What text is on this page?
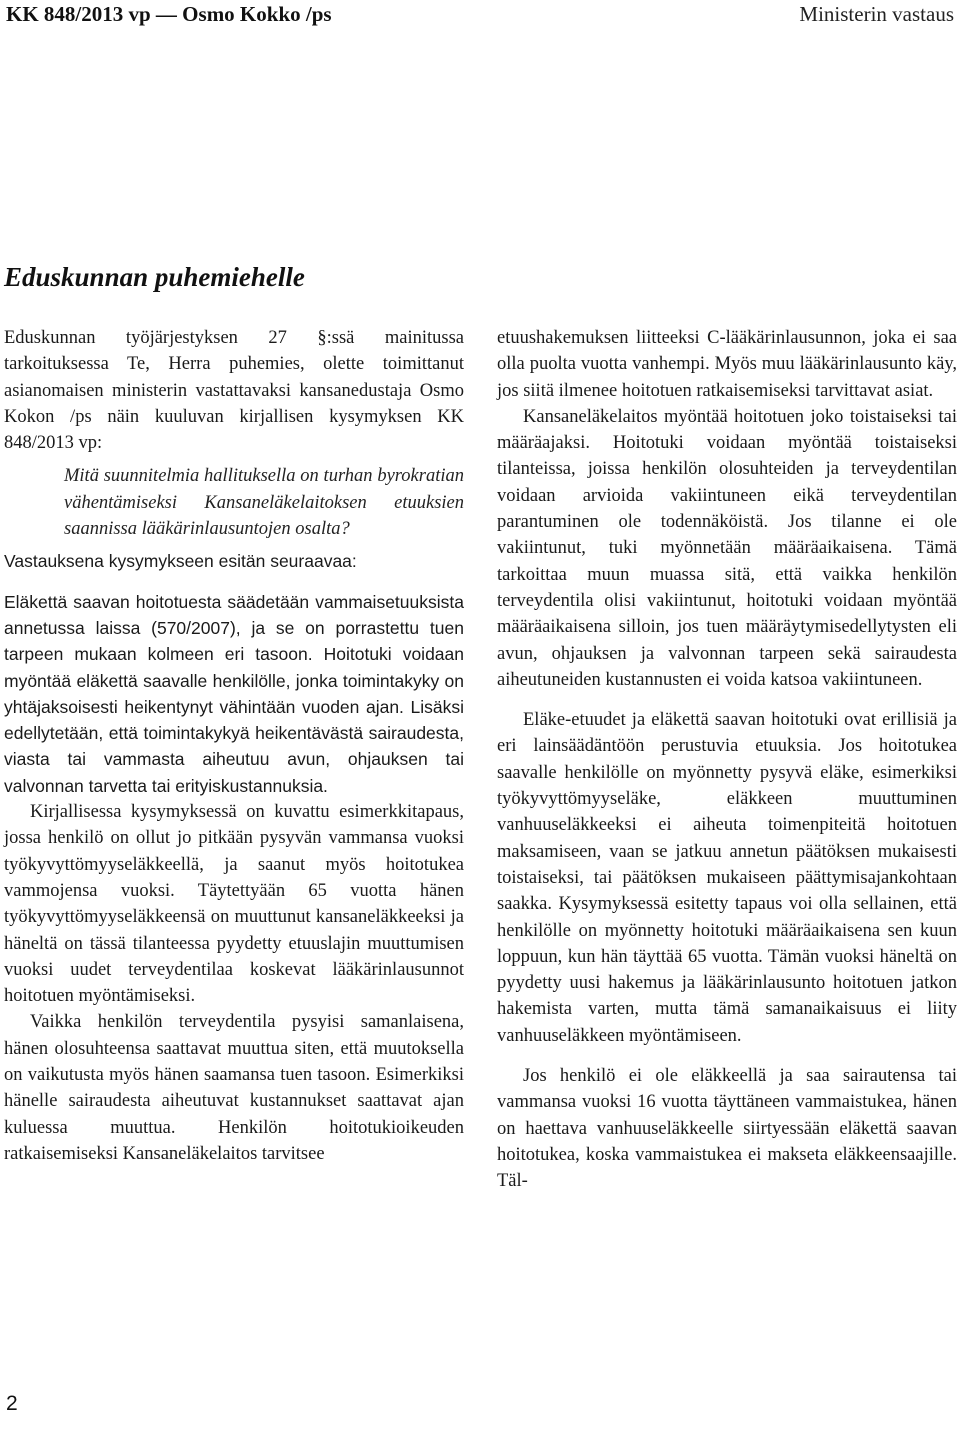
KK 848/2013 vp — Osmo Kokko /ps	Ministerin vastaus
Eduskunnan puhemiehelle

Eduskunnan työjärjestyksen 27 §:ssä mainitussa tarkoituksessa Te, Herra puhemies, olette toimittanut asianomaisen ministerin vastattavaksi kansanedustaja Osmo Kokon /ps näin kuuluvan kirjallisen kysymyksen KK 848/2013 vp:

Mitä suunnitelmia hallituksella on turhan byrokratian vähentämiseksi Kansaneläkelaitoksen etuuksien saannissa lääkärinlausuntojen osalta?

Vastauksena kysymykseen esitän seuraavaa:

Eläkettä saavan hoitotuesta säädetään vammaisetuuksista annetussa laissa (570/2007), ja se on porrastettu tuen tarpeen mukaan kolmeen eri tasoon. Hoitotuki voidaan myöntää eläkettä saavalle henkilölle, jonka toimintakyky on yhtäjaksoisesti heikentynyt vähintään vuoden ajan. Lisäksi edellytetään, että toimintakykyä heikentävästä sairaudesta, viasta tai vammasta aiheutuu avun, ohjauksen tai valvonnan tarvetta tai erityiskustannuksia.

Kirjallisessa kysymyksessä on kuvattu esimerkkitapaus, jossa henkilö on ollut jo pitkään pysyvän vammansa vuoksi työkyvyttömyyseläkkeellä, ja saanut myös hoitotukea vammojensa vuoksi. Täytettyään 65 vuotta hänen työkyvyttömyyseläkkeensä on muuttunut kansaneläkkeeksi ja häneltä on tässä tilanteessa pyydetty etuuslajin muuttumisen vuoksi uudet terveydentilaa koskevat lääkärinlausunnot hoitotuen myöntämiseksi.

Vaikka henkilön terveydentila pysyisi samanlaisena, hänen olosuhteensa saattavat muuttua siten, että muutoksella on vaikutusta myös hänen saamansa tuen tasoon. Esimerkiksi hänelle sairaudesta aiheutuvat kustannukset saattavat ajan kuluessa muuttua. Henkilön hoitotukioikeuden ratkaisemiseksi Kansaneläkelaitos tarvitsee

etuushakemuksen liitteeksi C-lääkärinlausunnon, joka ei saa olla puolta vuotta vanhempi. Myös muu lääkärinlausunto käy, jos siitä ilmenee hoitotuen ratkaisemiseksi tarvittavat asiat.

Kansaneläkelaitos myöntää hoitotuen joko toistaiseksi tai määräajaksi. Hoitotuki voidaan myöntää toistaiseksi tilanteissa, joissa henkilön olosuhteiden ja terveydentilan voidaan arvioida vakiintuneen eikä terveydentilan parantuminen ole todennäköistä. Jos tilanne ei ole vakiintunut, tuki myönnetään määräaikaisena. Tämä tarkoittaa muun muassa sitä, että vaikka henkilön terveydentila olisi vakiintunut, hoitotuki voidaan myöntää määräaikaisena silloin, jos tuen määräytymisedellytysten eli avun, ohjauksen ja valvonnan tarpeen sekä sairaudesta aiheutuneiden kustannusten ei voida katsoa vakiintuneen.

Eläke-etuudet ja eläkettä saavan hoitotuki ovat erillisiä ja eri lainsäädäntöön perustuvia etuuksia. Jos hoitotukea saavalle henkilölle on myönnetty pysyvä eläke, esimerkiksi työkyvyttömyyseläke, eläkkeen muuttuminen vanhuuseläkkeeksi ei aiheuta toimenpiteitä hoitotuen maksamiseen, vaan se jatkuu annetun päätöksen mukaisesti toistaiseksi, tai päätöksen mukaiseen päättymisajankohtaan saakka. Kysymyksessä esitetty tapaus voi olla sellainen, että henkilölle on myönnetty hoitotuki määräaikaisena sen kuun loppuun, kun hän täyttää 65 vuotta. Tämän vuoksi häneltä on pyydetty uusi hakemus ja lääkärinlausunto hoitotuen jatkon hakemista varten, mutta tämä samanaikaisuus ei liity vanhuuseläkkeen myöntämiseen.

Jos henkilö ei ole eläkkeellä ja saa sairautensa tai vammansa vuoksi 16 vuotta täyttäneen vammaistukea, hänen on haettava vanhuuseläkkeelle siirtyessään eläkettä saavan hoitotukea, koska vammaistukea ei makseta eläkkeensaajille. Täl-

2
